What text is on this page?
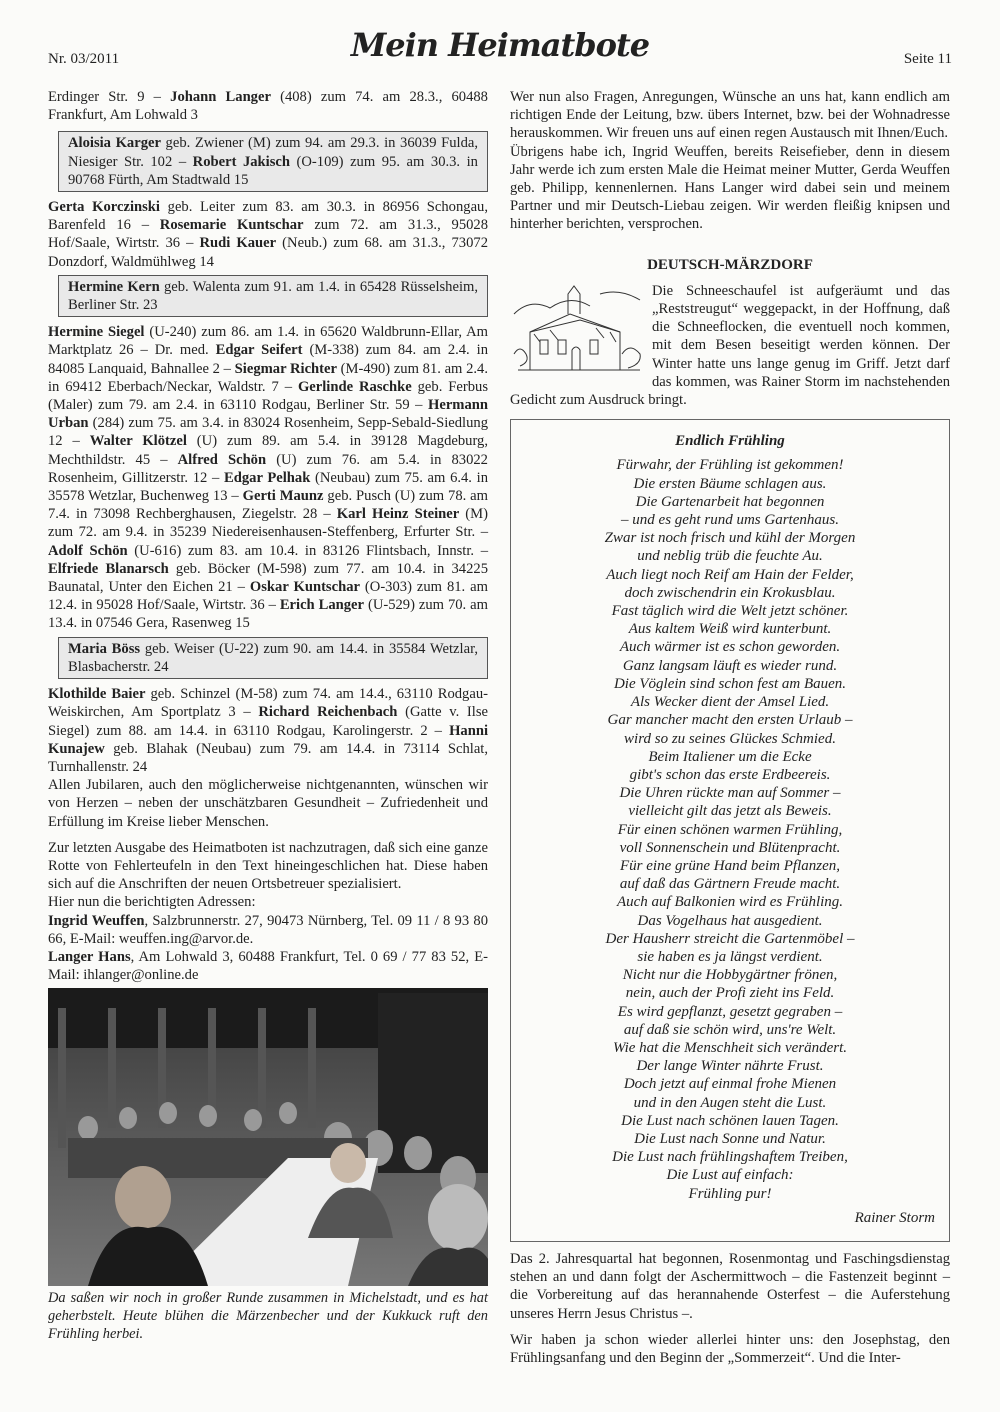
Nr. 03/2011	Mein Heimatbote	Seite 11

Erdinger Str. 9 – Johann Langer (408) zum 74. am 28.3., 60488 Frankfurt, Am Lohwald 3

Aloisia Karger geb. Zwiener (M) zum 94. am 29.3. in 36039 Fulda, Niesiger Str. 102 – Robert Jakisch (O-109) zum 95. am 30.3. in 90768 Fürth, Am Stadtwald 15

Gerta Korczinski geb. Leiter zum 83. am 30.3. in 86956 Schongau, Barenfeld 16 – Rosemarie Kuntschar zum 72. am 31.3., 95028 Hof/Saale, Wirtstr. 36 – Rudi Kauer (Neub.) zum 68. am 31.3., 73072 Donzdorf, Waldmühlweg 14

Hermine Kern geb. Walenta zum 91. am 1.4. in 65428 Rüsselsheim, Berliner Str. 23

Hermine Siegel (U-240) zum 86. am 1.4. in 65620 Waldbrunn-Ellar, Am Marktplatz 26 – Dr. med. Edgar Seifert (M-338) zum 84. am 2.4. in 84085 Lanquaid, Bahnallee 2 – Siegmar Richter (M-490) zum 81. am 2.4. in 69412 Eberbach/Neckar, Waldstr. 7 – Gerlinde Raschke geb. Ferbus (Maler) zum 79. am 2.4. in 63110 Rodgau, Berliner Str. 59 – Hermann Urban (284) zum 75. am 3.4. in 83024 Rosenheim, Sepp-Sebald-Siedlung 12 – Walter Klötzel (U) zum 89. am 5.4. in 39128 Magdeburg, Mechthildstr. 45 – Alfred Schön (U) zum 76. am 5.4. in 83022 Rosenheim, Gillitzerstr. 12 – Edgar Pelhak (Neubau) zum 75. am 6.4. in 35578 Wetzlar, Buchenweg 13 – Gerti Maunz geb. Pusch (U) zum 78. am 7.4. in 73098 Rechberghausen, Ziegelstr. 28 – Karl Heinz Steiner (M) zum 72. am 9.4. in 35239 Niedereisenhausen-Steffenberg, Erfurter Str. – Adolf Schön (U-616) zum 83. am 10.4. in 83126 Flintsbach, Innstr. – Elfriede Blanarsch geb. Böcker (M-598) zum 77. am 10.4. in 34225 Baunatal, Unter den Eichen 21 – Oskar Kuntschar (O-303) zum 81. am 12.4. in 95028 Hof/Saale, Wirtstr. 36 – Erich Langer (U-529) zum 70. am 13.4. in 07546 Gera, Rasenweg 15

Maria Böss geb. Weiser (U-22) zum 90. am 14.4. in 35584 Wetzlar, Blasbacherstr. 24

Klothilde Baier geb. Schinzel (M-58) zum 74. am 14.4., 63110 Rodgau-Weiskirchen, Am Sportplatz 3 – Richard Reichenbach (Gatte v. Ilse Siegel) zum 88. am 14.4. in 63110 Rodgau, Karolingerstr. 2 – Hanni Kunajew geb. Blahak (Neubau) zum 79. am 14.4. in 73114 Schlat, Turnhallenstr. 24

Allen Jubilaren, auch den möglicherweise nichtgenannten, wünschen wir von Herzen – neben der unschätzbaren Gesundheit – Zufriedenheit und Erfüllung im Kreise lieber Menschen.

Zur letzten Ausgabe des Heimatboten ist nachzutragen, daß sich eine ganze Rotte von Fehlerteufeln in den Text hineingeschlichen hat. Diese haben sich auf die Anschriften der neuen Ortsbetreuer spezialisiert.

Hier nun die berichtigten Adressen:

Ingrid Weuffen, Salzbrunnerstr. 27, 90473 Nürnberg, Tel. 09 11 / 8 93 80 66, E-Mail: weuffen.ing@arvor.de.

Langer Hans, Am Lohwald 3, 60488 Frankfurt, Tel. 0 69 / 77 83 52, E-Mail: ihlanger@online.de

Da saßen wir noch in großer Runde zusammen in Michelstadt, und es hat geherbstelt. Heute blühen die Märzenbecher und der Kukkuck ruft den Frühling herbei.

Wer nun also Fragen, Anregungen, Wünsche an uns hat, kann endlich am richtigen Ende der Leitung, bzw. übers Internet, bzw. bei der Wohnadresse herauskommen. Wir freuen uns auf einen regen Austausch mit Ihnen/Euch.

Übrigens habe ich, Ingrid Weuffen, bereits Reisefieber, denn in diesem Jahr werde ich zum ersten Male die Heimat meiner Mutter, Gerda Weuffen geb. Philipp, kennenlernen. Hans Langer wird dabei sein und meinem Partner und mir Deutsch-Liebau zeigen. Wir werden fleißig knipsen und hinterher berichten, versprochen.

DEUTSCH-MÄRZDORF

Die Schneeschaufel ist aufgeräumt und das „Reststreugut“ weggepackt, in der Hoffnung, daß die Schneeflocken, die eventuell noch kommen, mit dem Besen beseitigt werden können. Der Winter hatte uns lange genug im Griff. Jetzt darf das kommen, was Rainer Storm im nachstehenden Gedicht zum Ausdruck bringt.

Endlich Frühling
Fürwahr, der Frühling ist gekommen!
Die ersten Bäume schlagen aus.
Die Gartenarbeit hat begonnen
– und es geht rund ums Gartenhaus.
Zwar ist noch frisch und kühl der Morgen
und neblig trüb die feuchte Au.
Auch liegt noch Reif am Hain der Felder,
doch zwischendrin ein Krokusblau.
Fast täglich wird die Welt jetzt schöner.
Aus kaltem Weiß wird kunterbunt.
Auch wärmer ist es schon geworden.
Ganz langsam läuft es wieder rund.
Die Vöglein sind schon fest am Bauen.
Als Wecker dient der Amsel Lied.
Gar mancher macht den ersten Urlaub –
wird so zu seines Glückes Schmied.
Beim Italiener um die Ecke
gibt's schon das erste Erdbeereis.
Die Uhren rückte man auf Sommer –
vielleicht gilt das jetzt als Beweis.
Für einen schönen warmen Frühling,
voll Sonnenschein und Blütenpracht.
Für eine grüne Hand beim Pflanzen,
auf daß das Gärtnern Freude macht.
Auch auf Balkonien wird es Frühling.
Das Vogelhaus hat ausgedient.
Der Hausherr streicht die Gartenmöbel –
sie haben es ja längst verdient.
Nicht nur die Hobbygärtner frönen,
nein, auch der Profi zieht ins Feld.
Es wird gepflanzt, gesetzt gegraben –
auf daß sie schön wird, uns're Welt.
Wie hat die Menschheit sich verändert.
Der lange Winter nährte Frust.
Doch jetzt auf einmal frohe Mienen
und in den Augen steht die Lust.
Die Lust nach schönen lauen Tagen.
Die Lust nach Sonne und Natur.
Die Lust nach frühlingshaftem Treiben,
Die Lust auf einfach:
Frühling pur!
Rainer Storm

Das 2. Jahresquartal hat begonnen, Rosenmontag und Faschingsdienstag stehen an und dann folgt der Aschermittwoch – die Fastenzeit beginnt – die Vorbereitung auf das herannahende Osterfest – die Auferstehung unseres Herrn Jesus Christus –.

Wir haben ja schon wieder allerlei hinter uns: den Josephstag, den Frühlingsanfang und den Beginn der „Sommerzeit“. Und die Inter-
